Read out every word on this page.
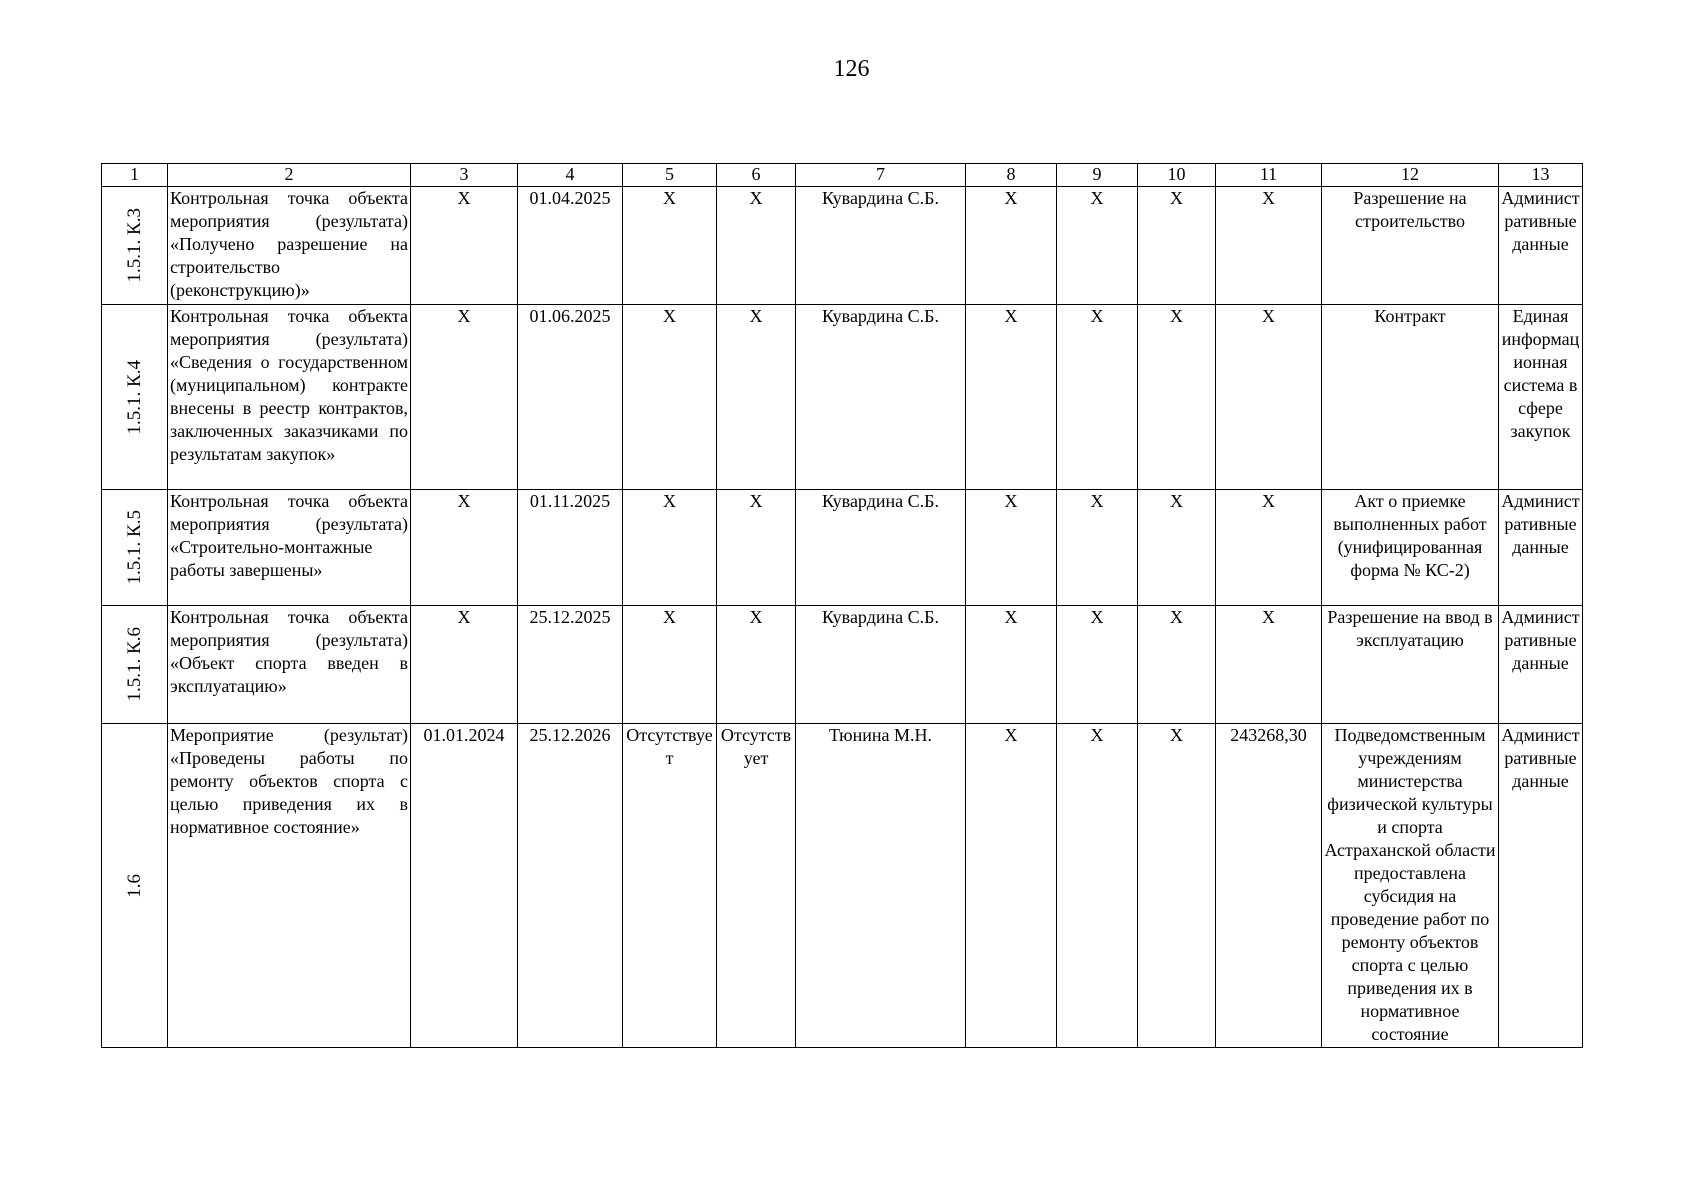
126
1	2	3	4	5	6	7	8	9	10	11	12	13

1.5.1. К.3	Контрольная точка объекта мероприятия (результата) «Получено разрешение на строительство (реконструкцию)»	X	01.04.2025	X	X	Кувардина С.Б.	X	X	X	X	Разрешение на строительство	Административные данные

1.5.1. К.4	Контрольная точка объекта мероприятия (результата) «Сведения о государственном (муниципальном) контракте внесены в реестр контрактов, заключенных заказчиками по результатам закупок»	X	01.06.2025	X	X	Кувардина С.Б.	X	X	X	X	Контракт	Единая информационная система в сфере закупок

1.5.1. К.5	Контрольная точка объекта мероприятия (результата) «Строительно-монтажные работы завершены»	X	01.11.2025	X	X	Кувардина С.Б.	X	X	X	X	Акт о приемке выполненных работ (унифицированная форма № КС-2)	Административные данные

1.5.1. К.6	Контрольная точка объекта мероприятия (результата) «Объект спорта введен в эксплуатацию»	X	25.12.2025	X	X	Кувардина С.Б.	X	X	X	X	Разрешение на ввод в эксплуатацию	Административные данные

1.6	Мероприятие (результат) «Проведены работы по ремонту объектов спорта с целью приведения их в нормативное состояние»	01.01.2024	25.12.2026	Отсутствует	Отсутствует	Тюнина М.Н.	X	X	X	243268,30	Подведомственным учреждениям министерства физической культуры и спорта Астраханской области предоставлена субсидия на проведение работ по ремонту объектов спорта с целью приведения их в нормативное состояние	Административные данные
